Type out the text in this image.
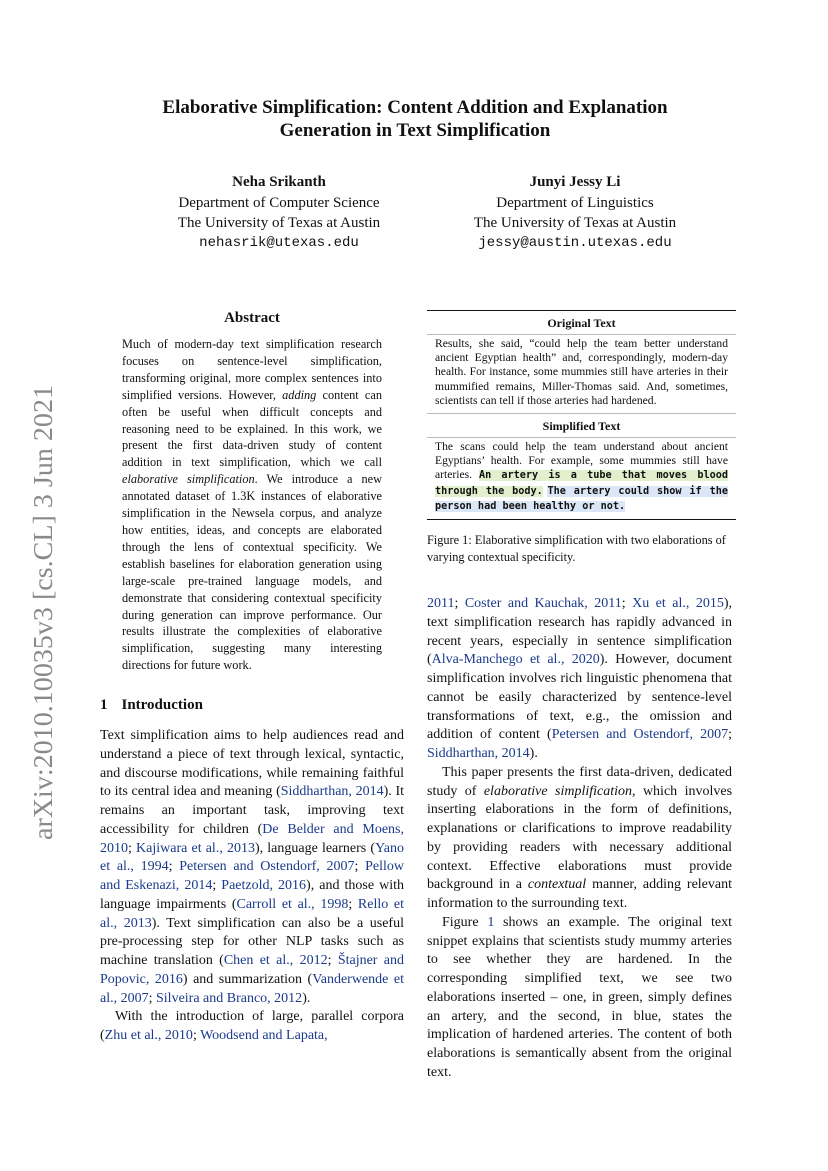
arXiv:2010.10035v3 [cs.CL] 3 Jun 2021
Elaborative Simplification: Content Addition and Explanation
Generation in Text Simplification
Neha Srikanth
Department of Computer Science
The University of Texas at Austin
nehasrik@utexas.edu
Junyi Jessy Li
Department of Linguistics
The University of Texas at Austin
jessy@austin.utexas.edu
Abstract
Much of modern-day text simplification research focuses on sentence-level simplification, transforming original, more complex sentences into simplified versions. However, adding content can often be useful when difficult concepts and reasoning need to be explained. In this work, we present the first data-driven study of content addition in text simplification, which we call elaborative simplification. We introduce a new annotated dataset of 1.3K instances of elaborative simplification in the Newsela corpus, and analyze how entities, ideas, and concepts are elaborated through the lens of contextual specificity. We establish baselines for elaboration generation using large-scale pre-trained language models, and demonstrate that considering contextual specificity during generation can improve performance. Our results illustrate the complexities of elaborative simplification, suggesting many interesting directions for future work.
Original Text
Results, she said, “could help the team better understand ancient Egyptian health” and, correspondingly, modern-day health. For instance, some mummies still have arteries in their mummified remains, Miller-Thomas said. And, sometimes, scientists can tell if those arteries had hardened.
Simplified Text
The scans could help the team understand about ancient Egyptians’ health. For example, some mummies still have arteries. An artery is a tube that moves blood through the body. The artery could show if the person had been healthy or not.
Figure 1: Elaborative simplification with two elaborations of varying contextual specificity.
1 Introduction

Text simplification aims to help audiences read and understand a piece of text through lexical, syntactic, and discourse modifications, while remaining faithful to its central idea and meaning (Siddharthan, 2014). It remains an important task, improving text accessibility for children (De Belder and Moens, 2010; Kajiwara et al., 2013), language learners (Yano et al., 1994; Petersen and Ostendorf, 2007; Pellow and Eskenazi, 2014; Paetzold, 2016), and those with language impairments (Carroll et al., 1998; Rello et al., 2013). Text simplification can also be a useful pre-processing step for other NLP tasks such as machine translation (Chen et al., 2012; Štajner and Popovic, 2016) and summarization (Vanderwende et al., 2007; Silveira and Branco, 2012).

With the introduction of large, parallel corpora (Zhu et al., 2010; Woodsend and Lapata,

2011; Coster and Kauchak, 2011; Xu et al., 2015), text simplification research has rapidly advanced in recent years, especially in sentence simplification (Alva-Manchego et al., 2020). However, document simplification involves rich linguistic phenomena that cannot be easily characterized by sentence-level transformations of text, e.g., the omission and addition of content (Petersen and Ostendorf, 2007; Siddharthan, 2014).

This paper presents the first data-driven, dedicated study of elaborative simplification, which involves inserting elaborations in the form of definitions, explanations or clarifications to improve readability by providing readers with necessary additional context. Effective elaborations must provide background in a contextual manner, adding relevant information to the surrounding text.

Figure 1 shows an example. The original text snippet explains that scientists study mummy arteries to see whether they are hardened. In the corresponding simplified text, we see two elaborations inserted – one, in green, simply defines an artery, and the second, in blue, states the implication of hardened arteries. The content of both elaborations is semantically absent from the original text.
